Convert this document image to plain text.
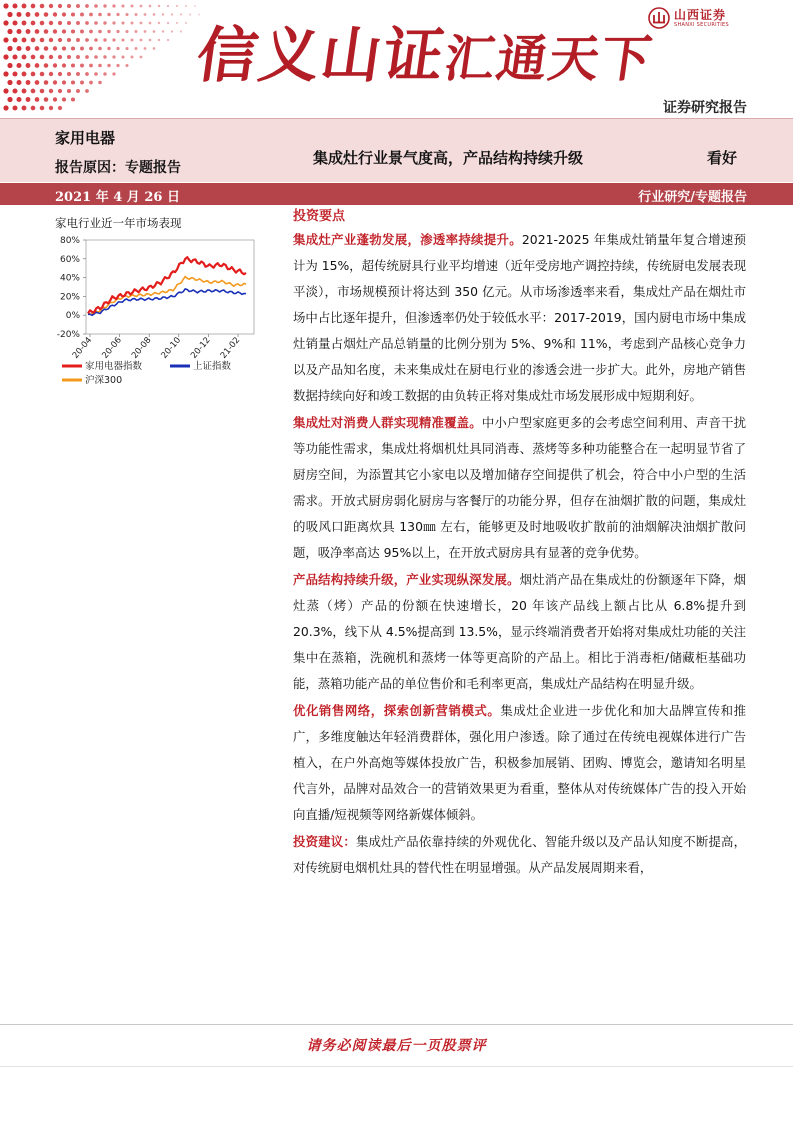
信义山证汇通天下
山西证券
SHANXI SECURITIES
证券研究报告
家用电器
报告原因：专题报告
集成灶行业景气度高，产品结构持续升级	看好
2021 年 4 月 26 日	行业研究/专题报告
家电行业近一年市场表现
80%
60%
40%
20%
0%
-20%
20-04 20-06 20-08 20-10 20-12 21-02
家用电器指数	上证指数
沪深300
投资要点

集成灶产业蓬勃发展，渗透率持续提升。2021-2025 年集成灶销量年复合增速预计为 15%，超传统厨具行业平均增速（近年受房地产调控持续，传统厨电发展表现平淡），市场规模预计将达到 350 亿元。从市场渗透率来看，集成灶产品在烟灶市场中占比逐年提升，但渗透率仍处于较低水平：2017-2019，国内厨电市场中集成灶销量占烟灶产品总销量的比例分别为 5%、9%和 11%，考虑到产品核心竞争力以及产品知名度，未来集成灶在厨电行业的渗透会进一步扩大。此外，房地产销售数据持续向好和竣工数据的由负转正将对集成灶市场发展形成中短期利好。

集成灶对消费人群实现精准覆盖。中小户型家庭更多的会考虑空间利用、声音干扰等功能性需求，集成灶将烟机灶具同消毒、蒸烤等多种功能整合在一起明显节省了厨房空间，为添置其它小家电以及增加储存空间提供了机会，符合中小户型的生活需求。开放式厨房弱化厨房与客餐厅的功能分界，但存在油烟扩散的问题，集成灶的吸风口距离炊具 130㎜ 左右，能够更及时地吸收扩散前的油烟解决油烟扩散问题，吸净率高达 95%以上，在开放式厨房具有显著的竞争优势。

产品结构持续升级，产业实现纵深发展。烟灶消产品在集成灶的份额逐年下降，烟灶蒸（烤）产品的份额在快速增长，20 年该产品线上额占比从 6.8%提升到 20.3%，线下从 4.5%提高到 13.5%，显示终端消费者开始将对集成灶功能的关注集中在蒸箱，洗碗机和蒸烤一体等更高阶的产品上。相比于消毒柜/储藏柜基础功能，蒸箱功能产品的单位售价和毛利率更高，集成灶产品结构在明显升级。

优化销售网络，探索创新营销模式。集成灶企业进一步优化和加大品牌宣传和推广，多维度触达年轻消费群体，强化用户渗透。除了通过在传统电视媒体进行广告植入，在户外高炮等媒体投放广告，积极参加展销、团购、博览会，邀请知名明星代言外，品牌对品效合一的营销效果更为看重，整体从对传统媒体广告的投入开始向直播/短视频等网络新媒体倾斜。

投资建议：集成灶产品依靠持续的外观优化、智能升级以及产品认知度不断提高，对传统厨电烟机灶具的替代性在明显增强。从产品发展周期来看，

请务必阅读最后一页股票评
